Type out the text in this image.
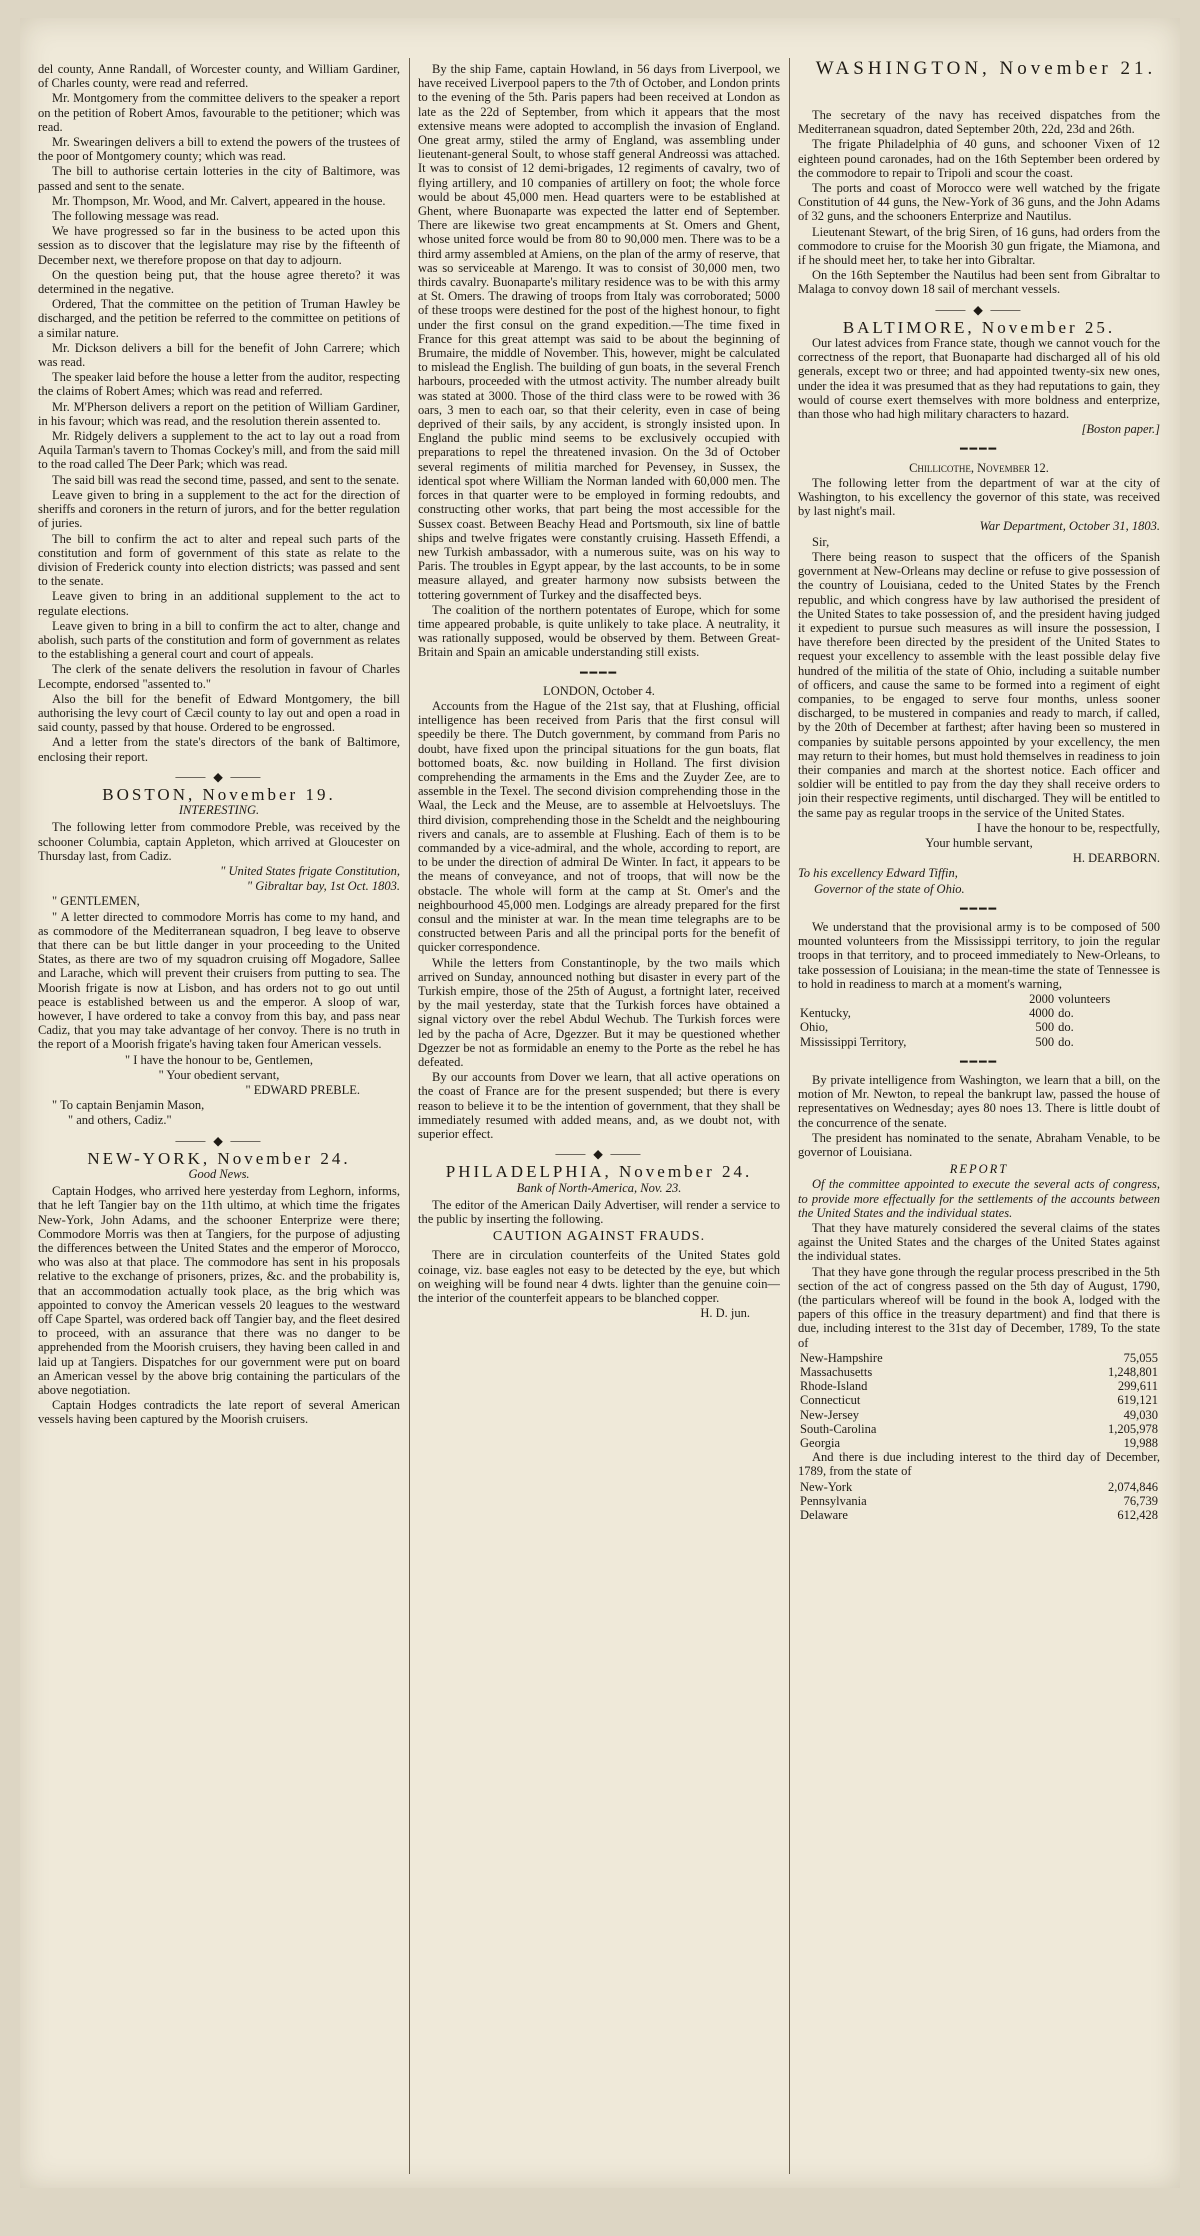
del county, Anne Randall, of Worcester county, and William Gardiner, of Charles county, were read and referred.

Mr. Montgomery from the committee delivers to the speaker a report on the petition of Robert Amos, favourable to the petitioner; which was read.

Mr. Swearingen delivers a bill to extend the powers of the trustees of the poor of Montgomery county; which was read.

The bill to authorise certain lotteries in the city of Baltimore, was passed and sent to the senate.

Mr. Thompson, Mr. Wood, and Mr. Calvert, appeared in the house.

The following message was read.

We have progressed so far in the business to be acted upon this session as to discover that the legislature may rise by the fifteenth of December next, we therefore propose on that day to adjourn.

On the question being put, that the house agree thereto? it was determined in the negative.

Ordered, That the committee on the petition of Truman Hawley be discharged, and the petition be referred to the committee on petitions of a similar nature.

Mr. Dickson delivers a bill for the benefit of John Carrere; which was read.

The speaker laid before the house a letter from the auditor, respecting the claims of Robert Ames; which was read and referred.

Mr. M'Pherson delivers a report on the petition of William Gardiner, in his favour; which was read, and the resolution therein assented to.

Mr. Ridgely delivers a supplement to the act to lay out a road from Aquila Tarman's tavern to Thomas Cockey's mill, and from the said mill to the road called The Deer Park; which was read.

The said bill was read the second time, passed, and sent to the senate.

Leave given to bring in a supplement to the act for the direction of sheriffs and coroners in the return of jurors, and for the better regulation of juries.

The bill to confirm the act to alter and repeal such parts of the constitution and form of government of this state as relate to the division of Frederick county into election districts; was passed and sent to the senate.

Leave given to bring in an additional supplement to the act to regulate elections.

Leave given to bring in a bill to confirm the act to alter, change and abolish, such parts of the constitution and form of government as relates to the establishing a general court and court of appeals.

The clerk of the senate delivers the resolution in favour of Charles Lecompte, endorsed "assented to."

Also the bill for the benefit of Edward Montgomery, the bill authorising the levy court of Cæcil county to lay out and open a road in said county, passed by that house. Ordered to be engrossed.

And a letter from the state's directors of the bank of Baltimore, enclosing their report.

⸻ ◆ ⸻

BOSTON, November 19.

INTERESTING.

The following letter from commodore Preble, was received by the schooner Columbia, captain Appleton, which arrived at Gloucester on Thursday last, from Cadiz.

" United States frigate Constitution,

" Gibraltar bay, 1st Oct. 1803.

" GENTLEMEN,

" A letter directed to commodore Morris has come to my hand, and as commodore of the Mediterranean squadron, I beg leave to observe that there can be but little danger in your proceeding to the United States, as there are two of my squadron cruising off Mogadore, Sallee and Larache, which will prevent their cruisers from putting to sea. The Moorish frigate is now at Lisbon, and has orders not to go out until peace is established between us and the emperor. A sloop of war, however, I have ordered to take a convoy from this bay, and pass near Cadiz, that you may take advantage of her convoy. There is no truth in the report of a Moorish frigate's having taken four American vessels.

" I have the honour to be, Gentlemen,

" Your obedient servant,

" EDWARD PREBLE.

" To captain Benjamin Mason,

" and others, Cadiz."

⸻ ◆ ⸻

NEW-YORK, November 24.

Good News.

Captain Hodges, who arrived here yesterday from Leghorn, informs, that he left Tangier bay on the 11th ultimo, at which time the frigates New-York, John Adams, and the schooner Enterprize were there; Commodore Morris was then at Tangiers, for the purpose of adjusting the differences between the United States and the emperor of Morocco, who was also at that place. The commodore has sent in his proposals relative to the exchange of prisoners, prizes, &c. and the probability is, that an accommodation actually took place, as the brig which was appointed to convoy the American vessels 20 leagues to the westward off Cape Spartel, was ordered back off Tangier bay, and the fleet desired to proceed, with an assurance that there was no danger to be apprehended from the Moorish cruisers, they having been called in and laid up at Tangiers. Dispatches for our government were put on board an American vessel by the above brig containing the particulars of the above negotiation.

Captain Hodges contradicts the late report of several American vessels having been captured by the Moorish cruisers.

By the ship Fame, captain Howland, in 56 days from Liverpool, we have received Liverpool papers to the 7th of October, and London prints to the evening of the 5th. Paris papers had been received at London as late as the 22d of September, from which it appears that the most extensive means were adopted to accomplish the invasion of England. One great army, stiled the army of England, was assembling under lieutenant-general Soult, to whose staff general Andreossi was attached. It was to consist of 12 demi-brigades, 12 regiments of cavalry, two of flying artillery, and 10 companies of artillery on foot; the whole force would be about 45,000 men. Head quarters were to be established at Ghent, where Buonaparte was expected the latter end of September. There are likewise two great encampments at St. Omers and Ghent, whose united force would be from 80 to 90,000 men. There was to be a third army assembled at Amiens, on the plan of the army of reserve, that was so serviceable at Marengo. It was to consist of 30,000 men, two thirds cavalry. Buonaparte's military residence was to be with this army at St. Omers. The drawing of troops from Italy was corroborated; 5000 of these troops were destined for the post of the highest honour, to fight under the first consul on the grand expedition.—The time fixed in France for this great attempt was said to be about the beginning of Brumaire, the middle of November. This, however, might be calculated to mislead the English. The building of gun boats, in the several French harbours, proceeded with the utmost activity. The number already built was stated at 3000. Those of the third class were to be rowed with 36 oars, 3 men to each oar, so that their celerity, even in case of being deprived of their sails, by any accident, is strongly insisted upon. In England the public mind seems to be exclusively occupied with preparations to repel the threatened invasion. On the 3d of October several regiments of militia marched for Pevensey, in Sussex, the identical spot where William the Norman landed with 60,000 men. The forces in that quarter were to be employed in forming redoubts, and constructing other works, that part being the most accessible for the Sussex coast. Between Beachy Head and Portsmouth, six line of battle ships and twelve frigates were constantly cruising. Hasseth Effendi, a new Turkish ambassador, with a numerous suite, was on his way to Paris. The troubles in Egypt appear, by the last accounts, to be in some measure allayed, and greater harmony now subsists between the tottering government of Turkey and the disaffected beys.

The coalition of the northern potentates of Europe, which for some time appeared probable, is quite unlikely to take place. A neutrality, it was rationally supposed, would be observed by them. Between Great-Britain and Spain an amicable understanding still exists.

━━━━

LONDON, October 4.

Accounts from the Hague of the 21st say, that at Flushing, official intelligence has been received from Paris that the first consul will speedily be there. The Dutch government, by command from Paris no doubt, have fixed upon the principal situations for the gun boats, flat bottomed boats, &c. now building in Holland. The first division comprehending the armaments in the Ems and the Zuyder Zee, are to assemble in the Texel. The second division comprehending those in the Waal, the Leck and the Meuse, are to assemble at Helvoetsluys. The third division, comprehending those in the Scheldt and the neighbouring rivers and canals, are to assemble at Flushing. Each of them is to be commanded by a vice-admiral, and the whole, according to report, are to be under the direction of admiral De Winter. In fact, it appears to be the means of conveyance, and not of troops, that will now be the obstacle. The whole will form at the camp at St. Omer's and the neighbourhood 45,000 men. Lodgings are already prepared for the first consul and the minister at war. In the mean time telegraphs are to be constructed between Paris and all the principal ports for the benefit of quicker correspondence.

While the letters from Constantinople, by the two mails which arrived on Sunday, announced nothing but disaster in every part of the Turkish empire, those of the 25th of August, a fortnight later, received by the mail yesterday, state that the Turkish forces have obtained a signal victory over the rebel Abdul Wechub. The Turkish forces were led by the pacha of Acre, Dgezzer. But it may be questioned whether Dgezzer be not as formidable an enemy to the Porte as the rebel he has defeated.

By our accounts from Dover we learn, that all active operations on the coast of France are for the present suspended; but there is every reason to believe it to be the intention of government, that they shall be immediately resumed with added means, and, as we doubt not, with superior effect.

⸻ ◆ ⸻

PHILADELPHIA, November 24.

Bank of North-America, Nov. 23.

The editor of the American Daily Advertiser, will render a service to the public by inserting the following.

CAUTION AGAINST FRAUDS.

There are in circulation counterfeits of the United States gold coinage, viz. base eagles not easy to be detected by the eye, but which on weighing will be found near 4 dwts. lighter than the genuine coin—the interior of the counterfeit appears to be blanched copper.

H. D. jun.

WASHINGTON, November 21.

The secretary of the navy has received dispatches from the Mediterranean squadron, dated September 20th, 22d, 23d and 26th.

The frigate Philadelphia of 40 guns, and schooner Vixen of 12 eighteen pound caronades, had on the 16th September been ordered by the commodore to repair to Tripoli and scour the coast.

The ports and coast of Morocco were well watched by the frigate Constitution of 44 guns, the New-York of 36 guns, and the John Adams of 32 guns, and the schooners Enterprize and Nautilus.

Lieutenant Stewart, of the brig Siren, of 16 guns, had orders from the commodore to cruise for the Moorish 30 gun frigate, the Miamona, and if he should meet her, to take her into Gibraltar.

On the 16th September the Nautilus had been sent from Gibraltar to Malaga to convoy down 18 sail of merchant vessels.

⸻ ◆ ⸻

BALTIMORE, November 25.

Our latest advices from France state, though we cannot vouch for the correctness of the report, that Buonaparte had discharged all of his old generals, except two or three; and had appointed twenty-six new ones, under the idea it was presumed that as they had reputations to gain, they would of course exert themselves with more boldness and enterprize, than those who had high military characters to hazard.

[Boston paper.]

━━━━

Chillicothe, November 12.

The following letter from the department of war at the city of Washington, to his excellency the governor of this state, was received by last night's mail.

War Department, October 31, 1803.

Sir,

There being reason to suspect that the officers of the Spanish government at New-Orleans may decline or refuse to give possession of the country of Louisiana, ceded to the United States by the French republic, and which congress have by law authorised the president of the United States to take possession of, and the president having judged it expedient to pursue such measures as will insure the possession, I have therefore been directed by the president of the United States to request your excellency to assemble with the least possible delay five hundred of the militia of the state of Ohio, including a suitable number of officers, and cause the same to be formed into a regiment of eight companies, to be engaged to serve four months, unless sooner discharged, to be mustered in companies and ready to march, if called, by the 20th of December at farthest; after having been so mustered in companies by suitable persons appointed by your excellency, the men may return to their homes, but must hold themselves in readiness to join their companies and march at the shortest notice. Each officer and soldier will be entitled to pay from the day they shall receive orders to join their respective regiments, until discharged. They will be entitled to the same pay as regular troops in the service of the United States.

I have the honour to be, respectfully,

Your humble servant,

H. DEARBORN.

To his excellency Edward Tiffin,

Governor of the state of Ohio.

━━━━

We understand that the provisional army is to be composed of 500 mounted volunteers from the Mississippi territory, to join the regular troops in that territory, and to proceed immediately to New-Orleans, to take possession of Louisiana; in the mean-time the state of Tennessee is to hold in readiness to march at a moment's warning,

	2000	volunteers
Kentucky,	4000	do.
Ohio,	500	do.
Mississippi Territory,	500	do.
━━━━

By private intelligence from Washington, we learn that a bill, on the motion of Mr. Newton, to repeal the bankrupt law, passed the house of representatives on Wednesday; ayes 80 noes 13. There is little doubt of the concurrence of the senate.

The president has nominated to the senate, Abraham Venable, to be governor of Louisiana.

REPORT

Of the committee appointed to execute the several acts of congress, to provide more effectually for the settlements of the accounts between the United States and the individual states.

That they have maturely considered the several claims of the states against the United States and the charges of the United States against the individual states.

That they have gone through the regular process prescribed in the 5th section of the act of congress passed on the 5th day of August, 1790, (the particulars whereof will be found in the book A, lodged with the papers of this office in the treasury department) and find that there is due, including interest to the 31st day of December, 1789, To the state of

New-Hampshire	75,055
Massachusetts	1,248,801
Rhode-Island	299,611
Connecticut	619,121
New-Jersey	49,030
South-Carolina	1,205,978
Georgia	19,988

And there is due including interest to the third day of December, 1789, from the state of

New-York	2,074,846
Pennsylvania	76,739
Delaware	612,428
